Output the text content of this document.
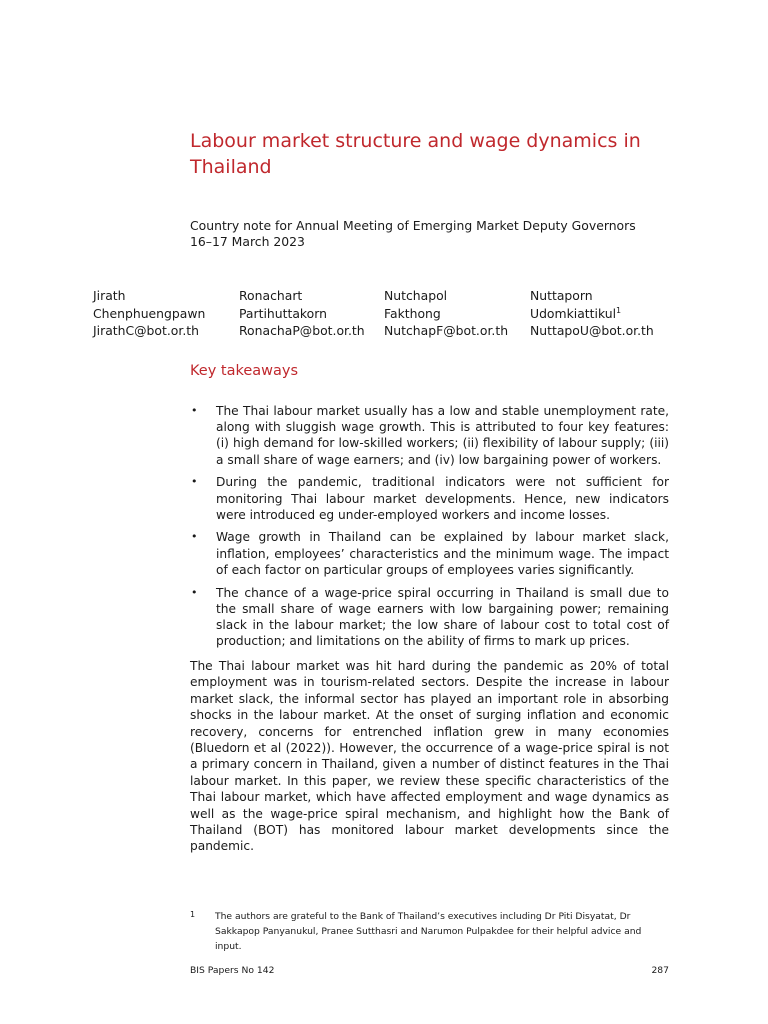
Labour market structure and wage dynamics in Thailand
Country note for Annual Meeting of Emerging Market Deputy Governors
16–17 March 2023
Jirath
Chenphuengpawn
JirathC@bot.or.th
Ronachart
Partihuttakorn
RonachaP@bot.or.th
Nutchapol
Fakthong
NutchapF@bot.or.th
Nuttaporn
Udomkiattikul$^1$
NuttapoU@bot.or.th
Key takeaways
• The Thai labour market usually has a low and stable unemployment rate, along with sluggish wage growth. This is attributed to four key features: (i) high demand for low-skilled workers; (ii) flexibility of labour supply; (iii) a small share of wage earners; and (iv) low bargaining power of workers.
• During the pandemic, traditional indicators were not sufficient for monitoring Thai labour market developments. Hence, new indicators were introduced eg under-employed workers and income losses.
• Wage growth in Thailand can be explained by labour market slack, inflation, employees’ characteristics and the minimum wage. The impact of each factor on particular groups of employees varies significantly.
• The chance of a wage-price spiral occurring in Thailand is small due to the small share of wage earners with low bargaining power; remaining slack in the labour market; the low share of labour cost to total cost of production; and limitations on the ability of firms to mark up prices.

The Thai labour market was hit hard during the pandemic as 20% of total employment was in tourism-related sectors. Despite the increase in labour market slack, the informal sector has played an important role in absorbing shocks in the labour market. At the onset of surging inflation and economic recovery, concerns for entrenched inflation grew in many economies (Bluedorn et al (2022)). However, the occurrence of a wage-price spiral is not a primary concern in Thailand, given a number of distinct features in the Thai labour market. In this paper, we review these specific characteristics of the Thai labour market, which have affected employment and wage dynamics as well as the wage-price spiral mechanism, and highlight how the Bank of Thailand (BOT) has monitored labour market developments since the pandemic.

1 The authors are grateful to the Bank of Thailand’s executives including Dr Piti Disyatat, Dr Sakkapop Panyanukul, Pranee Sutthasri and Narumon Pulpakdee for their helpful advice and input.
BIS Papers No 142	287
